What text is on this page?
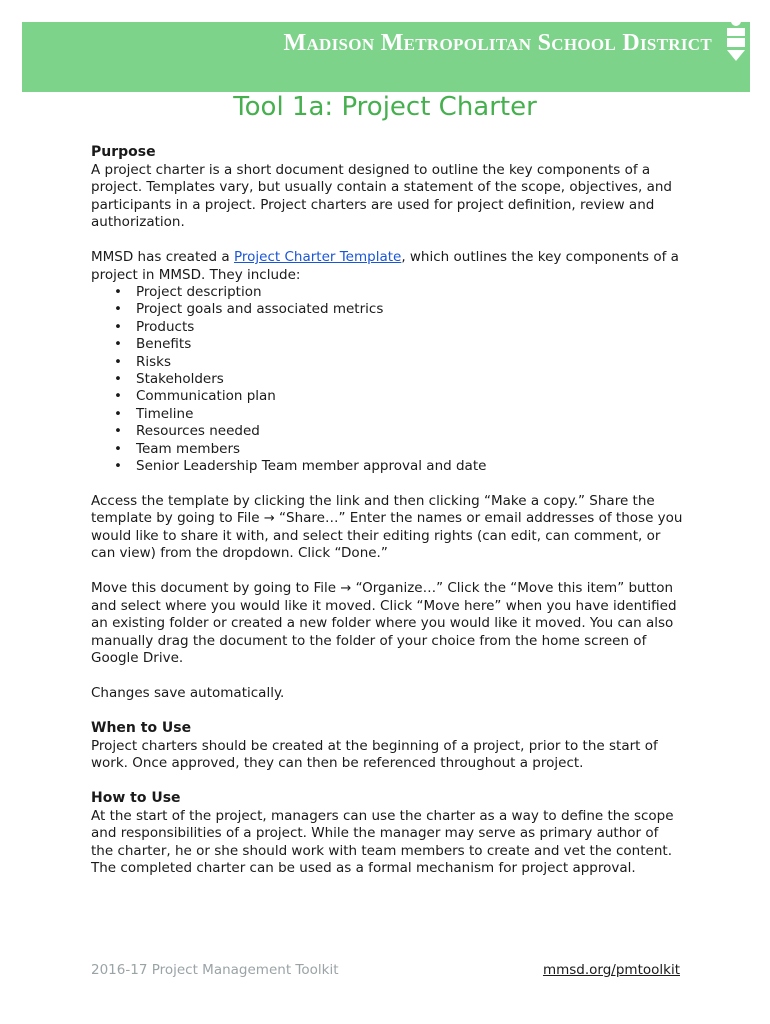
Madison Metropolitan School District
Tool 1a: Project Charter
Purpose

A project charter is a short document designed to outline the key components of a project. Templates vary, but usually contain a statement of the scope, objectives, and participants in a project. Project charters are used for project definition, review and authorization.

MMSD has created a Project Charter Template, which outlines the key components of a project in MMSD. They include:

• Project description
• Project goals and associated metrics
• Products
• Benefits
• Risks
• Stakeholders
• Communication plan
• Timeline
• Resources needed
• Team members
• Senior Leadership Team member approval and date

Access the template by clicking the link and then clicking “Make a copy.” Share the template by going to File → “Share…” Enter the names or email addresses of those you would like to share it with, and select their editing rights (can edit, can comment, or can view) from the dropdown. Click “Done.”

Move this document by going to File → “Organize…” Click the “Move this item” button and select where you would like it moved. Click “Move here” when you have identified an existing folder or created a new folder where you would like it moved. You can also manually drag the document to the folder of your choice from the home screen of Google Drive.

Changes save automatically.

When to Use

Project charters should be created at the beginning of a project, prior to the start of work. Once approved, they can then be referenced throughout a project.

How to Use

At the start of the project, managers can use the charter as a way to define the scope and responsibilities of a project. While the manager may serve as primary author of the charter, he or she should work with team members to create and vet the content. The completed charter can be used as a formal mechanism for project approval.

2016-17 Project Management Toolkit	mmsd.org/pmtoolkit
